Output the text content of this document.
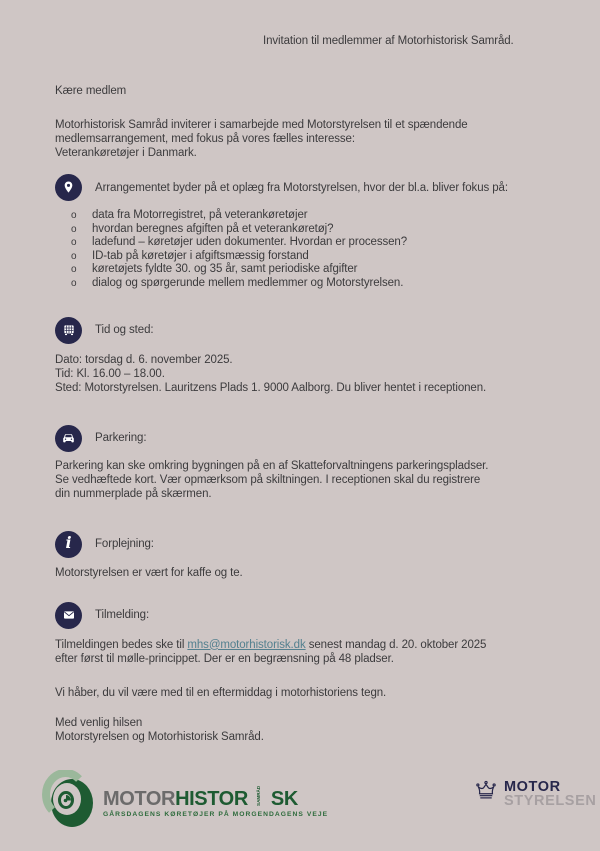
Invitation til medlemmer af Motorhistorisk Samråd.
Kære medlem
Motorhistorisk Samråd inviterer i samarbejde med Motorstyrelsen til et spændende
medlemsarrangement, med fokus på vores fælles interesse:
Veterankøretøjer i Danmark.
Arrangementet byder på et oplæg fra Motorstyrelsen, hvor der bl.a. bliver fokus på:
o	data fra Motorregistret, på veterankøretøjer
o	hvordan beregnes afgiften på et veterankøretøj?
o	ladefund – køretøjer uden dokumenter. Hvordan er processen?
o	ID-tab på køretøjer i afgiftsmæssig forstand
o	køretøjets fyldte 30. og 35 år, samt periodiske afgifter
o	dialog og spørgerunde mellem medlemmer og Motorstyrelsen.
Tid og sted:
Dato: torsdag d. 6. november 2025.
Tid: Kl. 16.00 – 18.00.
Sted: Motorstyrelsen. Lauritzens Plads 1. 9000 Aalborg. Du bliver hentet i receptionen.
Parkering:
Parkering kan ske omkring bygningen på en af Skatteforvaltningens parkeringspladser.
Se vedhæftede kort. Vær opmærksom på skiltningen. I receptionen skal du registrere
din nummerplade på skærmen.
i Forplejning:
Motorstyrelsen er vært for kaffe og te.
Tilmelding:
Tilmeldingen bedes ske til mhs@motorhistorisk.dk senest mandag d. 20. oktober 2025
efter først til mølle-princippet. Der er en begrænsning på 48 pladser.
Vi håber, du vil være med til en eftermiddag i motorhistoriens tegn.
Med venlig hilsen
Motorstyrelsen og Motorhistorisk Samråd.
MOTOR HISTOR	SAMRÅD SK
GÅRSDAGENS KØRETØJER PÅ MORGENDAGENS VEJE
MOTOR
STYRELSEN
